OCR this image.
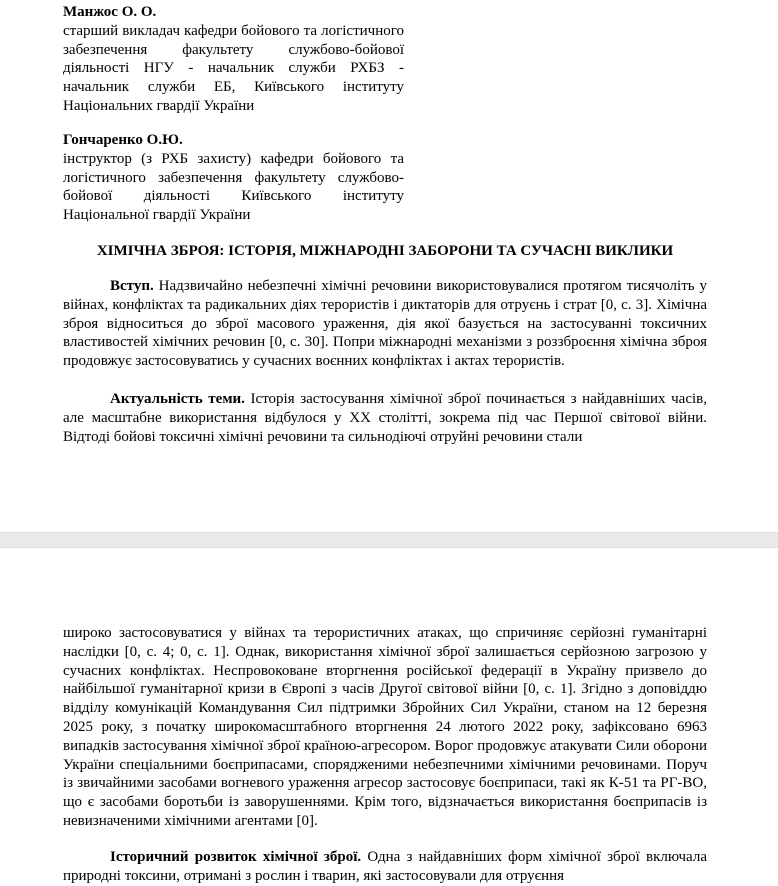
Манжос О. О.
старший викладач кафедри бойового та логістичного забезпечення факультету службово-бойової діяльності НГУ - начальник служби РХБЗ - начальник служби ЕБ, Київського інституту Національних гвардії України
Гончаренко О.Ю.
інструктор (з РХБ захисту) кафедри бойового та логістичного забезпечення факультету службово-бойової діяльності Київського інституту Національної гвардії України
ХІМІЧНА ЗБРОЯ: ІСТОРІЯ, МІЖНАРОДНІ ЗАБОРОНИ ТА СУЧАСНІ ВИКЛИКИ

Вступ. Надзвичайно небезпечні хімічні речовини використовувалися протягом тисячоліть у війнах, конфліктах та радикальних діях терористів і диктаторів для отруєнь і страт [0, с. 3]. Хімічна зброя відноситься до зброї масового ураження, дія якої базується на застосуванні токсичних властивостей хімічних речовин [0, с. 30]. Попри міжнародні механізми з роззброєння хімічна зброя продовжує застосовуватись у сучасних воєнних конфліктах і актах терористів.

Актуальність теми. Історія застосування хімічної зброї починається з найдавніших часів, але масштабне використання відбулося у ХХ столітті, зокрема під час Першої світової війни. Відтоді бойові токсичні хімічні речовини та сильнодіючі отруйні речовини стали

широко застосовуватися у війнах та терористичних атаках, що спричиняє серйозні гуманітарні наслідки [0, с. 4; 0, с. 1]. Однак, використання хімічної зброї залишається серйозною загрозою у сучасних конфліктах. Неспровоковане вторгнення російської федерації в Україну призвело до найбільшої гуманітарної кризи в Європі з часів Другої світової війни [0, с. 1]. Згідно з доповіддю відділу комунікацій Командування Сил підтримки Збройних Сил України, станом на 12 березня 2025 року, з початку широкомасштабного вторгнення 24 лютого 2022 року, зафіксовано 6963 випадків застосування хімічної зброї країною-агресором. Ворог продовжує атакувати Сили оборони України спеціальними боєприпасами, спорядженими небезпечними хімічними речовинами. Поруч із звичайними засобами вогневого ураження агресор застосовує боєприпаси, такі як К-51 та РГ-ВО, що є засобами боротьби із заворушеннями. Крім того, відзначається використання боєприпасів із невизначеними хімічними агентами [0].

Історичний розвиток хімічної зброї. Одна з найдавніших форм хімічної зброї включала природні токсини, отримані з рослин і тварин, які застосовували для отруєння
